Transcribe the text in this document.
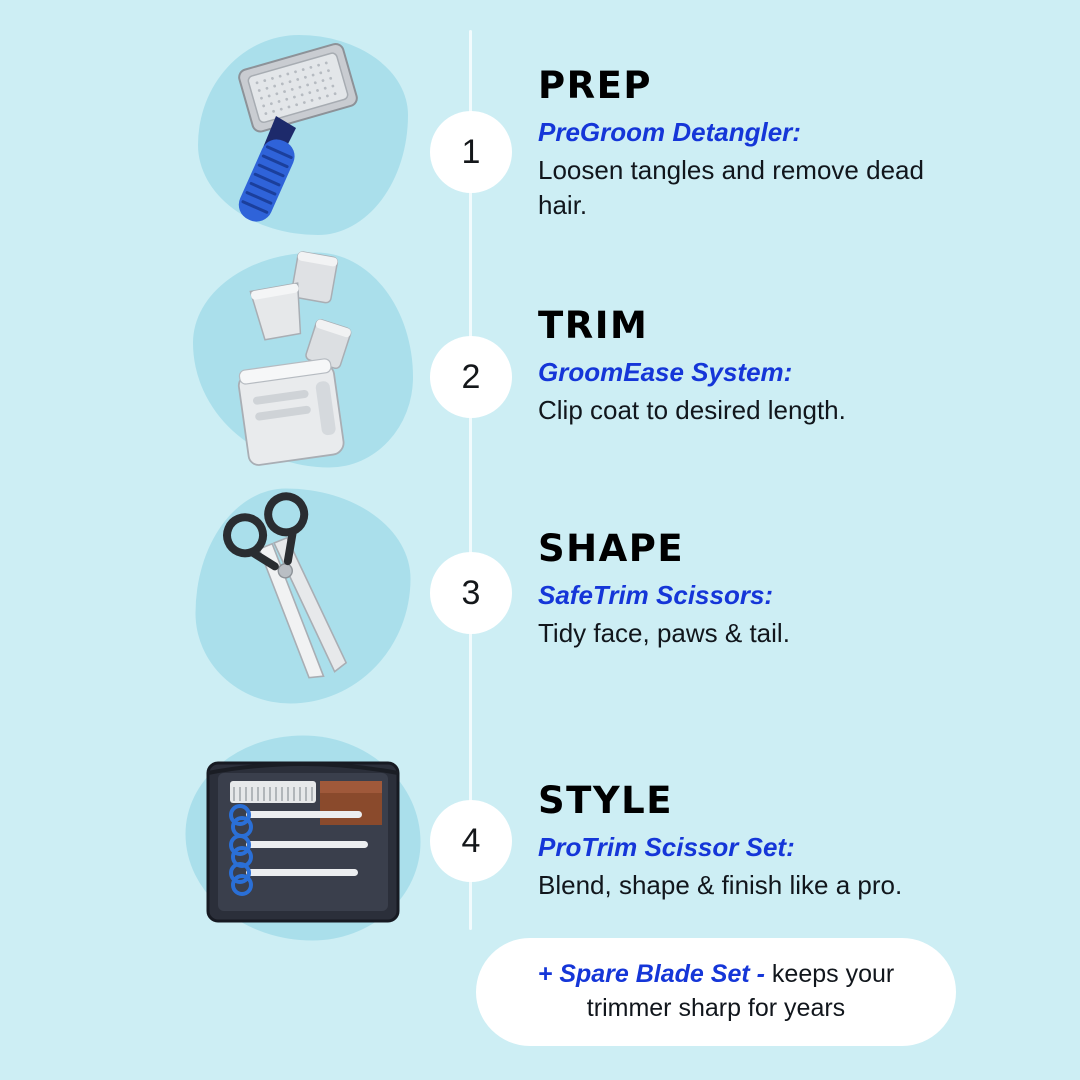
1
PREP
PreGroom Detangler:
Loosen tangles and remove dead hair.
2
TRIM
GroomEase System:
Clip coat to desired length.
3
SHAPE
SafeTrim Scissors:
Tidy face, paws & tail.
4
STYLE
ProTrim Scissor Set:
Blend, shape & finish like a pro.
+ Spare Blade Set - keeps your trimmer sharp for years
